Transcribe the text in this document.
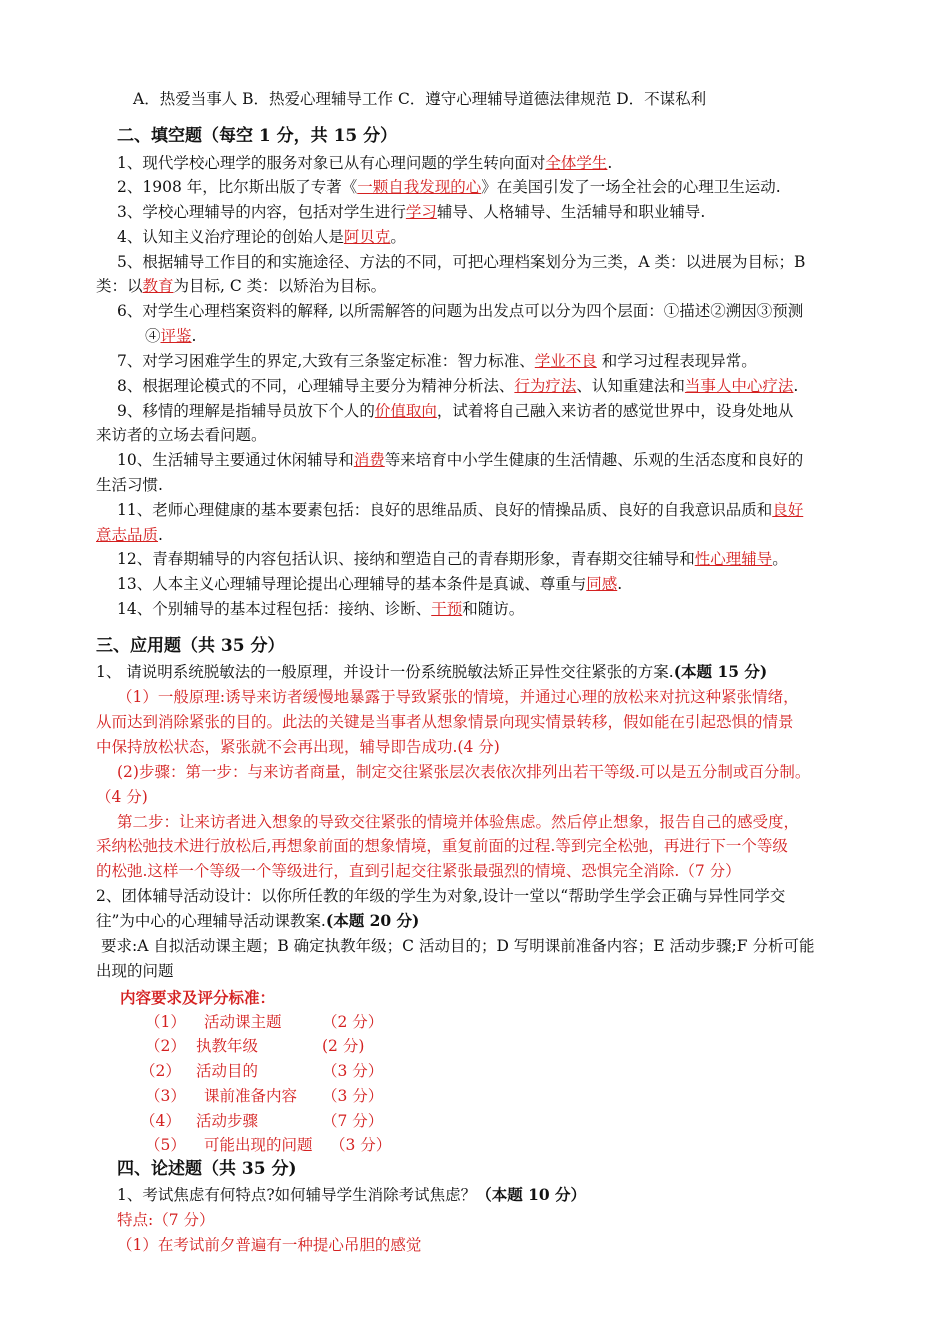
A．热爱当事人 B．热爱心理辅导工作 C．遵守心理辅导道德法律规范 D．不谋私利
二、填空题（每空 1 分，共 15 分）
1、现代学校心理学的服务对象已从有心理问题的学生转向面对全体学生.
2、1908 年，比尔斯出版了专著《一颗自我发现的心》在美国引发了一场全社会的心理卫生运动.
3、学校心理辅导的内容，包括对学生进行学习辅导、人格辅导、生活辅导和职业辅导.
4、认知主义治疗理论的创始人是阿贝克。
5、根据辅导工作目的和实施途径、方法的不同，可把心理档案划分为三类，A 类：以进展为目标；B
类：以教育为目标, C 类：以矫治为目标。
6、对学生心理档案资料的解释, 以所需解答的问题为出发点可以分为四个层面：①描述②溯因③预测
④评鉴.
7、对学习困难学生的界定,大致有三条鉴定标准：智力标准、学业不良 和学习过程表现异常。
8、根据理论模式的不同，心理辅导主要分为精神分析法、行为疗法、认知重建法和当事人中心疗法.
9、移情的理解是指辅导员放下个人的价值取向，试着将自己融入来访者的感觉世界中，设身处地从
来访者的立场去看问题。
10、生活辅导主要通过休闲辅导和消费等来培育中小学生健康的生活情趣、乐观的生活态度和良好的
生活习惯.
11、老师心理健康的基本要素包括：良好的思维品质、良好的情操品质、良好的自我意识品质和良好
意志品质.
12、青春期辅导的内容包括认识、接纳和塑造自己的青春期形象，青春期交往辅导和性心理辅导。
13、人本主义心理辅导理论提出心理辅导的基本条件是真诚、尊重与同感.
14、个别辅导的基本过程包括：接纳、诊断、干预和随访。
三、应用题（共 35 分）
1、 请说明系统脱敏法的一般原理，并设计一份系统脱敏法矫正异性交往紧张的方案.(本题 15 分)
（1）一般原理:诱导来访者缓慢地暴露于导致紧张的情境，并通过心理的放松来对抗这种紧张情绪，
从而达到消除紧张的目的。此法的关键是当事者从想象情景向现实情景转移，假如能在引起恐惧的情景
中保持放松状态，紧张就不会再出现，辅导即告成功.(4 分)
(2)步骤：第一步：与来访者商量，制定交往紧张层次表依次排列出若干等级.可以是五分制或百分制。
（4 分)
第二步：让来访者进入想象的导致交往紧张的情境并体验焦虑。然后停止想象，报告自己的感受度，
采纳松弛技术进行放松后,再想象前面的想象情境，重复前面的过程.等到完全松弛，再进行下一个等级
的松弛.这样一个等级一个等级进行，直到引起交往紧张最强烈的情境、恐惧完全消除.（7 分）
2、团体辅导活动设计：以你所任教的年级的学生为对象,设计一堂以“帮助学生学会正确与异性同学交
往”为中心的心理辅导活动课教案.(本题 20 分)
要求:A 自拟活动课主题；B 确定执教年级；C 活动目的；D 写明课前准备内容；E 活动步骤;F 分析可能
出现的问题
内容要求及评分标准：
（1） 活动课主题	（2 分）
（2） 执教年级	(2 分)
（2） 活动目的	（3 分）
（3） 课前准备内容 （3 分）
（4） 活动步骤	（7 分）
（5） 可能出现的问题 （3 分）
四、论述题（共 35 分)
1、考试焦虑有何特点?如何辅导学生消除考试焦虑？（本题 10 分）
特点:（7 分）
（1）在考试前夕普遍有一种提心吊胆的感觉
